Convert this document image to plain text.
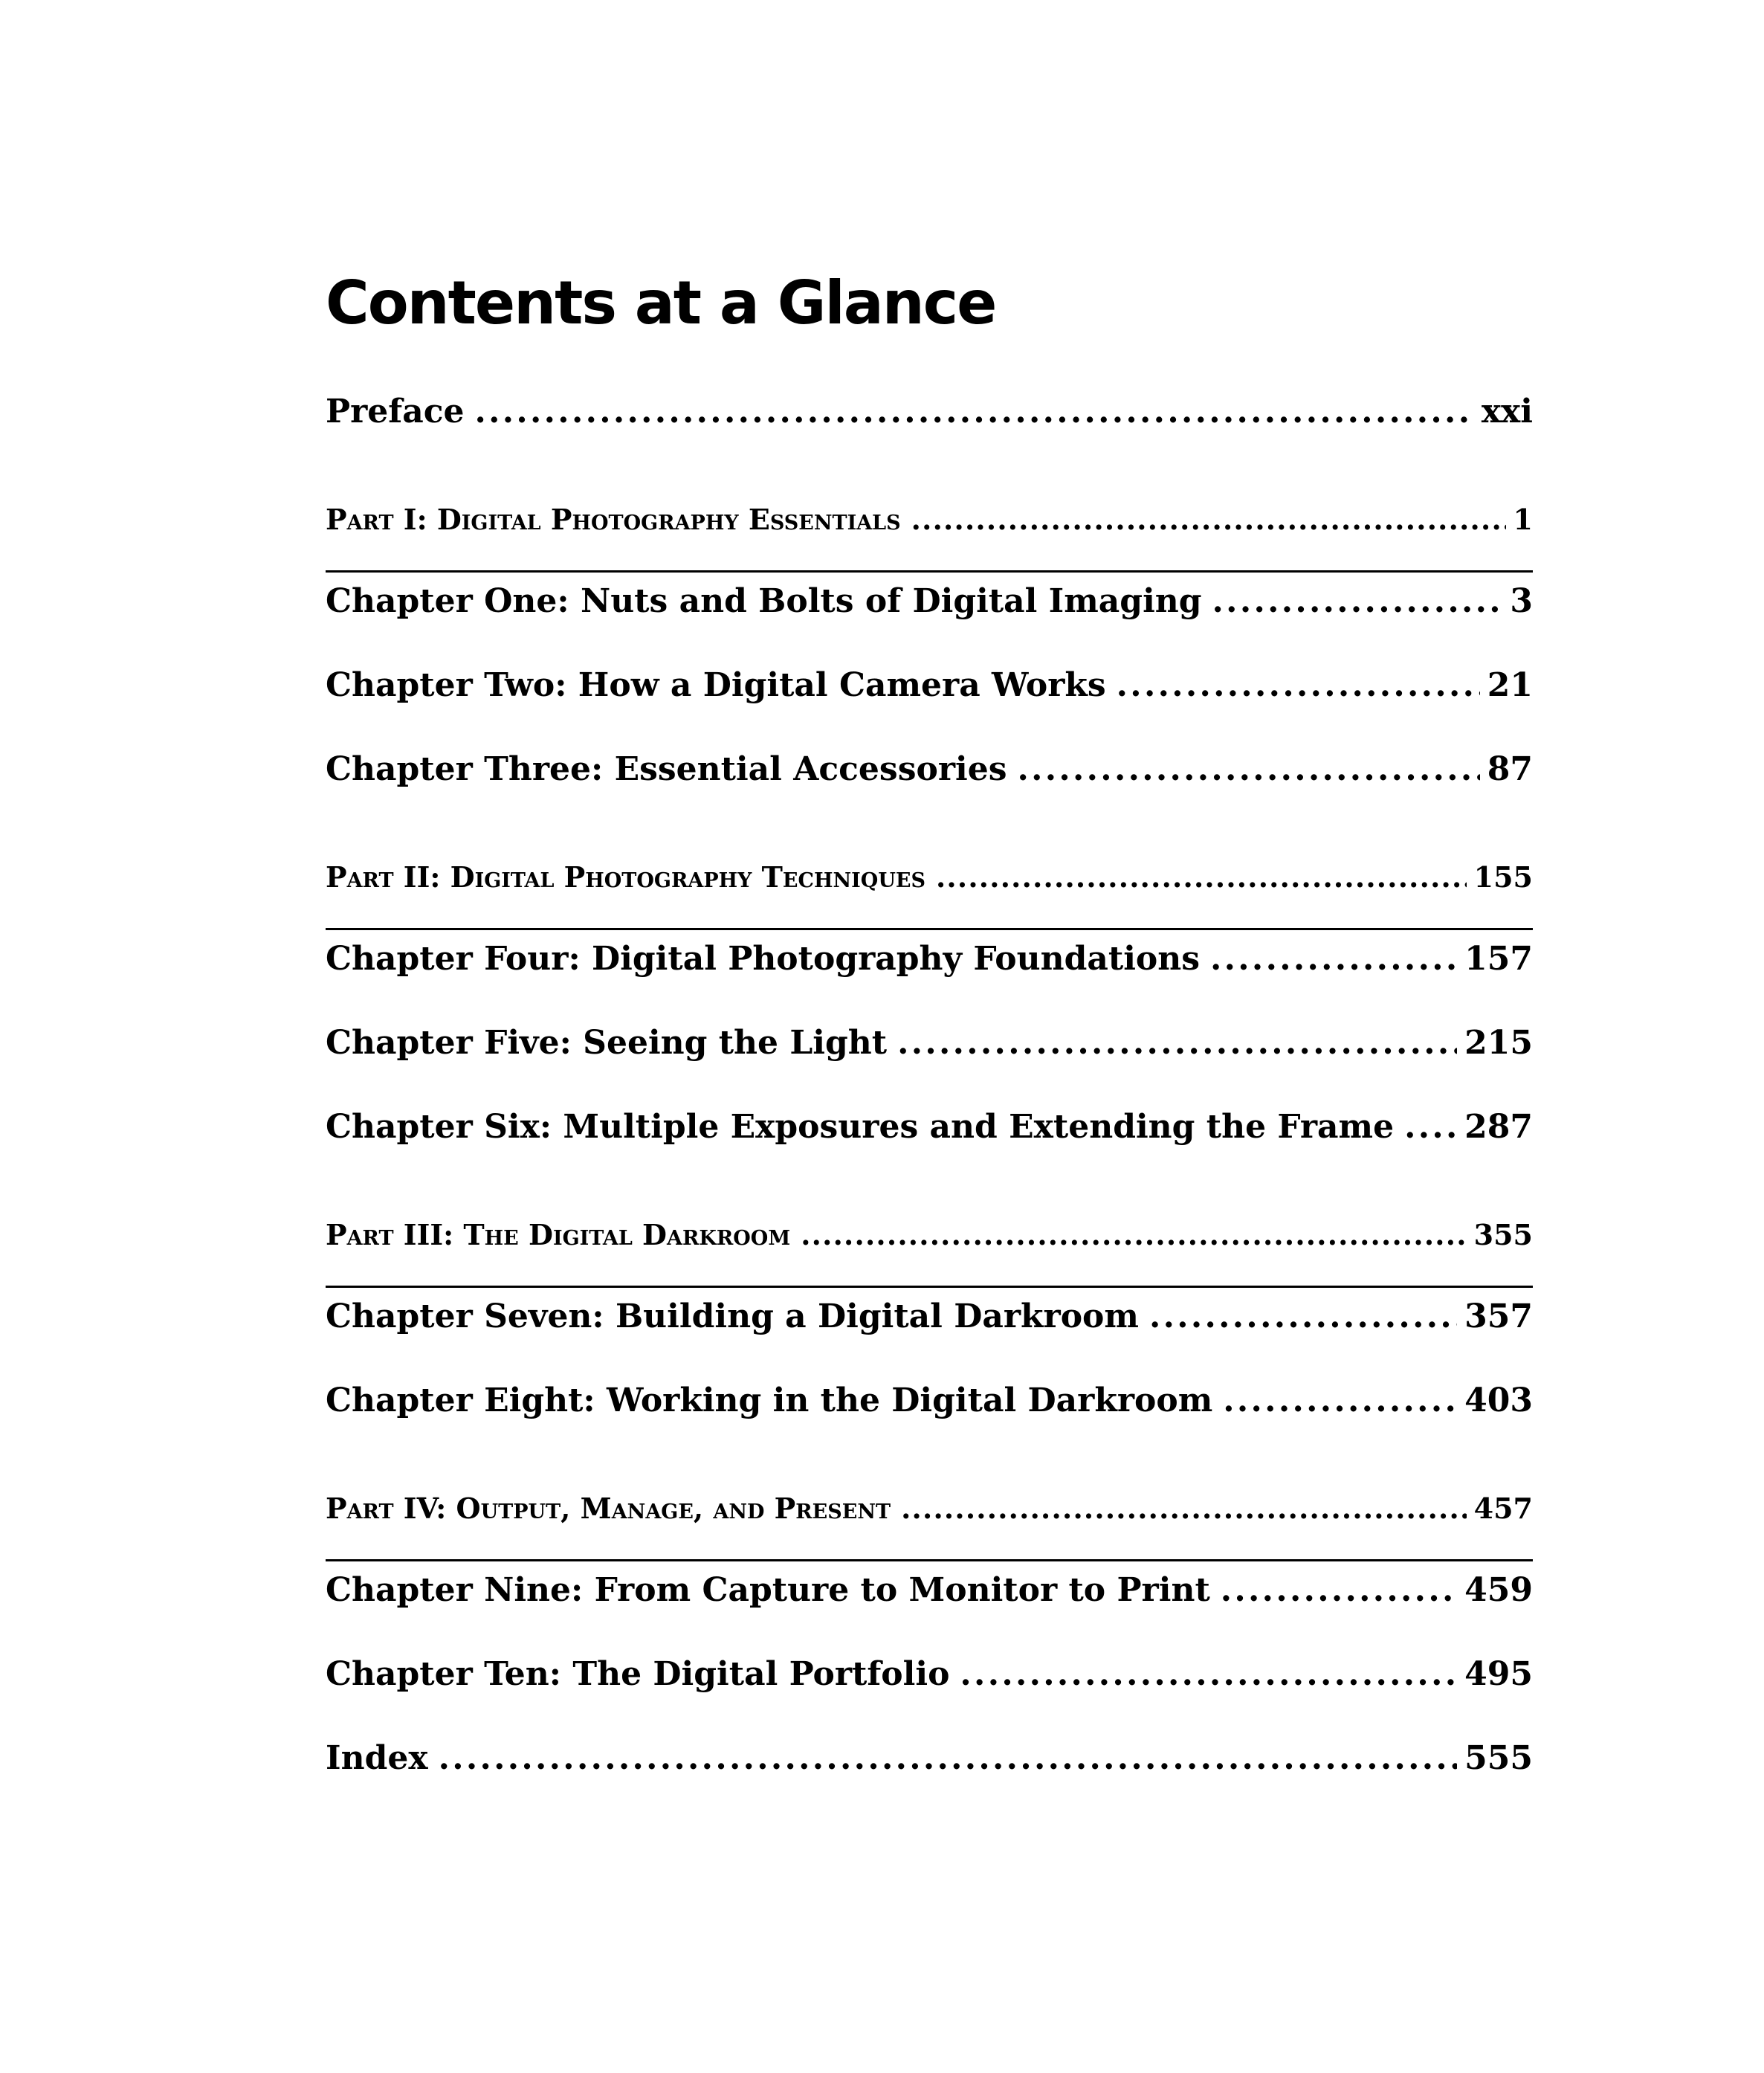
Contents at a Glance
Preface . . .	xxi
Part I: Digital Photography Essentials . . .	1
Chapter One: Nuts and Bolts of Digital Imaging . . .	3
Chapter Two: How a Digital Camera Works . . .	21
Chapter Three: Essential Accessories . . .	87
Part II: Digital Photography Techniques . . .	155
Chapter Four: Digital Photography Foundations . . .	157
Chapter Five: Seeing the Light . . .	215
Chapter Six: Multiple Exposures and Extending the Frame . . . 287
Part III: The Digital Darkroom . . .	355
Chapter Seven: Building a Digital Darkroom . . .	357
Chapter Eight: Working in the Digital Darkroom . . .	403
Part IV: Output, Manage, and Present . . .	457
Chapter Nine: From Capture to Monitor to Print . . .	459
Chapter Ten: The Digital Portfolio . . .	495
Index . . .	555
